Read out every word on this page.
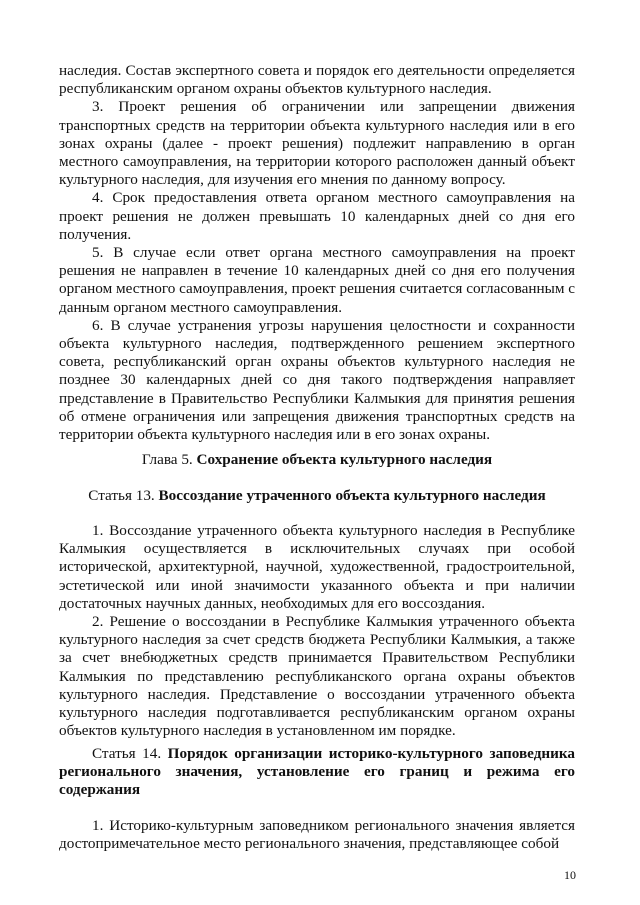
наследия. Состав экспертного совета и порядок его деятельности определяется республиканским органом охраны объектов культурного наследия.

3. Проект решения об ограничении или запрещении движения транспортных средств на территории объекта культурного наследия или в его зонах охраны (далее - проект решения) подлежит направлению в орган местного самоуправления, на территории которого расположен данный объект культурного наследия, для изучения его мнения по данному вопросу.

4. Срок предоставления ответа органом местного самоуправления на проект решения не должен превышать 10 календарных дней со дня его получения.

5. В случае если ответ органа местного самоуправления на проект решения не направлен в течение 10 календарных дней со дня его получения органом местного самоуправления, проект решения считается согласованным с данным органом местного самоуправления.

6. В случае устранения угрозы нарушения целостности и сохранности объекта культурного наследия, подтвержденного решением экспертного совета, республиканский орган охраны объектов культурного наследия не позднее 30 календарных дней со дня такого подтверждения направляет представление в Правительство Республики Калмыкия для принятия решения об отмене ограничения или запрещения движения транспортных средств на территории объекта культурного наследия или в его зонах охраны.

Глава 5. Сохранение объекта культурного наследия

Статья 13. Воссоздание утраченного объекта культурного наследия

1. Воссоздание утраченного объекта культурного наследия в Республике Калмыкия осуществляется в исключительных случаях при особой исторической, архитектурной, научной, художественной, градостроительной, эстетической или иной значимости указанного объекта и при наличии достаточных научных данных, необходимых для его воссоздания.

2. Решение о воссоздании в Республике Калмыкия утраченного объекта культурного наследия за счет средств бюджета Республики Калмыкия, а также за счет внебюджетных средств принимается Правительством Республики Калмыкия по представлению республиканского органа охраны объектов культурного наследия. Представление о воссоздании утраченного объекта культурного наследия подготавливается республиканским органом охраны объектов культурного наследия в установленном им порядке.

Статья 14. Порядок организации историко-культурного заповедника регионального значения, установление его границ и режима его содержания

1. Историко-культурным заповедником регионального значения является достопримечательное место регионального значения, представляющее собой

10
